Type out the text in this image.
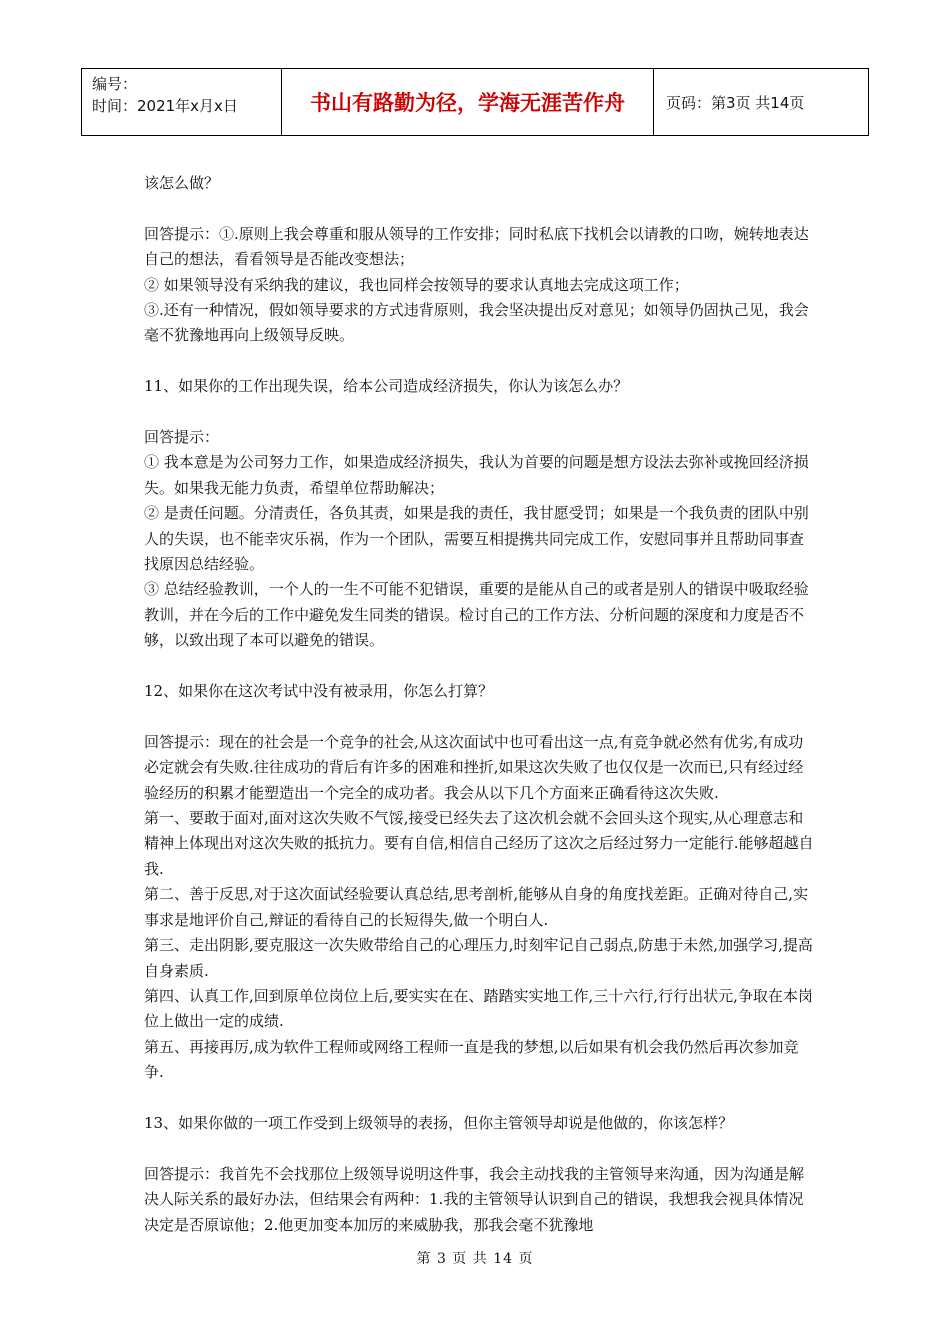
编号：
时间：2021年x月x日	书山有路勤为径，学海无涯苦作舟	页码：第3页 共14页

该怎么做？

回答提示：①.原则上我会尊重和服从领导的工作安排；同时私底下找机会以请教的口吻，婉转地表达自己的想法，看看领导是否能改变想法；

② 如果领导没有采纳我的建议，我也同样会按领导的要求认真地去完成这项工作；

③.还有一种情况，假如领导要求的方式违背原则，我会坚决提出反对意见；如领导仍固执己见，我会毫不犹豫地再向上级领导反映。

11、如果你的工作出现失误，给本公司造成经济损失，你认为该怎么办？

回答提示：

① 我本意是为公司努力工作，如果造成经济损失，我认为首要的问题是想方设法去弥补或挽回经济损失。如果我无能力负责，希望单位帮助解决；

② 是责任问题。分清责任，各负其责，如果是我的责任，我甘愿受罚；如果是一个我负责的团队中别人的失误，也不能幸灾乐祸，作为一个团队，需要互相提携共同完成工作，安慰同事并且帮助同事查找原因总结经验。

③ 总结经验教训，一个人的一生不可能不犯错误，重要的是能从自己的或者是别人的错误中吸取经验教训，并在今后的工作中避免发生同类的错误。检讨自己的工作方法、分析问题的深度和力度是否不够，以致出现了本可以避免的错误。

12、如果你在这次考试中没有被录用，你怎么打算？

回答提示：现在的社会是一个竞争的社会,从这次面试中也可看出这一点,有竞争就必然有优劣,有成功必定就会有失败.往往成功的背后有许多的困难和挫折,如果这次失败了也仅仅是一次而已,只有经过经验经历的积累才能塑造出一个完全的成功者。我会从以下几个方面来正确看待这次失败.

第一、要敢于面对,面对这次失败不气馁,接受已经失去了这次机会就不会回头这个现实,从心理意志和精神上体现出对这次失败的抵抗力。要有自信,相信自己经历了这次之后经过努力一定能行.能够超越自我.

第二、善于反思,对于这次面试经验要认真总结,思考剖析,能够从自身的角度找差距。正确对待自己,实事求是地评价自己,辩证的看待自己的长短得失,做一个明白人.

第三、走出阴影,要克服这一次失败带给自己的心理压力,时刻牢记自己弱点,防患于未然,加强学习,提高自身素质.

第四、认真工作,回到原单位岗位上后,要实实在在、踏踏实实地工作,三十六行,行行出状元,争取在本岗位上做出一定的成绩.

第五、再接再厉,成为软件工程师或网络工程师一直是我的梦想,以后如果有机会我仍然后再次参加竞争.

13、如果你做的一项工作受到上级领导的表扬，但你主管领导却说是他做的，你该怎样？

回答提示：我首先不会找那位上级领导说明这件事，我会主动找我的主管领导来沟通，因为沟通是解决人际关系的最好办法，但结果会有两种：1.我的主管领导认识到自己的错误，我想我会视具体情况决定是否原谅他；2.他更加变本加厉的来威胁我，那我会毫不犹豫地

第 3 页 共 14 页
